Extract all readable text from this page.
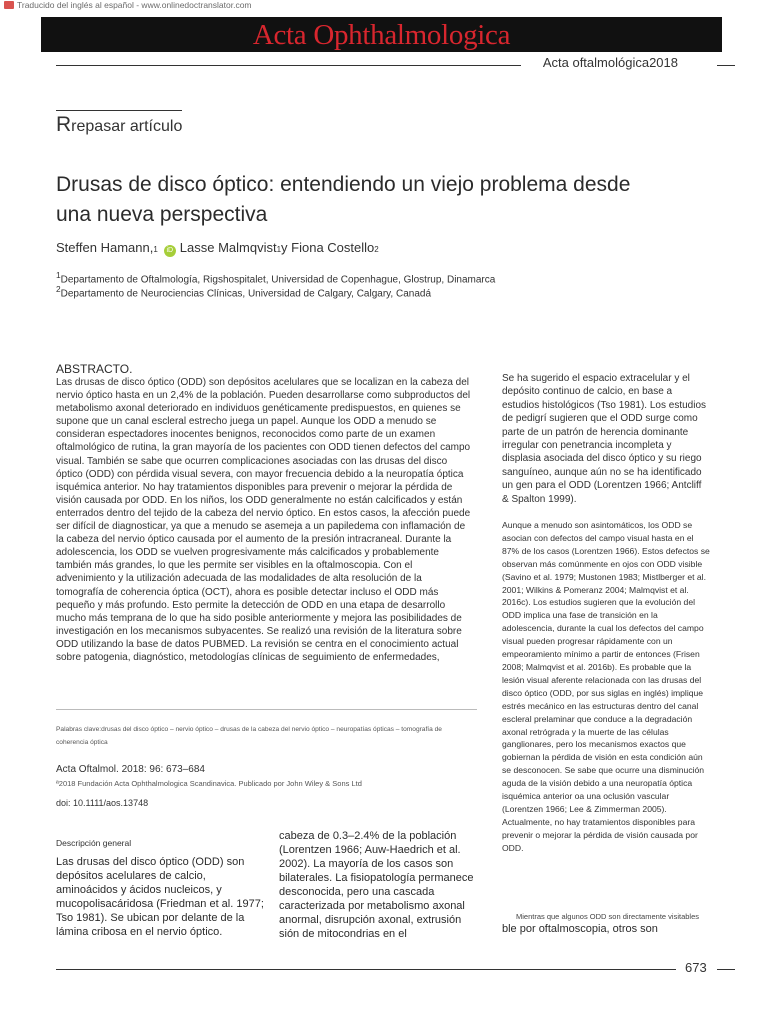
Traducido del inglés al español - www.onlinedoctranslator.com
Acta Ophthalmologica
Acta oftalmológica2018
Rrepasar artículo
Drusas de disco óptico: entendiendo un viejo problema desde una nueva perspectiva
Steffen Hamann, 1	iD Lasse Malmqvist 1 y Fiona Costello 2
$^1$Departamento de Oftalmología, Rigshospitalet, Universidad de Copenhague, Glostrup, Dinamarca
$^2$Departamento de Neurociencias Clínicas, Universidad de Calgary, Calgary, Canadá
ABSTRACTO.
Las drusas de disco óptico (ODD) son depósitos acelulares que se localizan en la cabeza del nervio óptico hasta en un 2,4% de la población. Pueden desarrollarse como subproductos del metabolismo axonal deteriorado en individuos genéticamente predispuestos, en quienes se supone que un canal escleral estrecho juega un papel. Aunque los ODD a menudo se consideran espectadores inocentes benignos, reconocidos como parte de un examen oftalmológico de rutina, la gran mayoría de los pacientes con ODD tienen defectos del campo visual. También se sabe que ocurren complicaciones asociadas con las drusas del disco óptico (ODD) con pérdida visual severa, con mayor frecuencia debido a la neuropatía óptica isquémica anterior. No hay tratamientos disponibles para prevenir o mejorar la pérdida de visión causada por ODD. En los niños, los ODD generalmente no están calcificados y están enterrados dentro del tejido de la cabeza del nervio óptico. En estos casos, la afección puede ser difícil de diagnosticar, ya que a menudo se asemeja a un papiledema con inflamación de la cabeza del nervio óptico causada por el aumento de la presión intracraneal. Durante la adolescencia, los ODD se vuelven progresivamente más calcificados y probablemente también más grandes, lo que les permite ser visibles en la oftalmoscopia. Con el advenimiento y la utilización adecuada de las modalidades de alta resolución de la tomografía de coherencia óptica (OCT), ahora es posible detectar incluso el ODD más pequeño y más profundo. Esto permite la detección de ODD en una etapa de desarrollo mucho más temprana de lo que ha sido posible anteriormente y mejora las posibilidades de investigación en los mecanismos subyacentes. Se realizó una revisión de la literatura sobre ODD utilizando la base de datos PUBMED. La revisión se centra en el conocimiento actual sobre patogenia, diagnóstico, metodologías clínicas de seguimiento de enfermedades,
Se ha sugerido el espacio extracelular y el depósito continuo de calcio, en base a estudios histológicos (Tso 1981). Los estudios de pedigrí sugieren que el ODD surge como parte de un patrón de herencia dominante irregular con penetrancia incompleta y displasia asociada del disco óptico y su riego sanguíneo, aunque aún no se ha identificado un gen para el ODD (Lorentzen 1966; Antcliff & Spalton 1999).
Aunque a menudo son asintomáticos, los ODD se asocian con defectos del campo visual hasta en el 87% de los casos (Lorentzen 1966). Estos defectos se observan más comúnmente en ojos con ODD visible (Savino et al. 1979; Mustonen 1983; Mistlberger et al. 2001; Wilkins & Pomeranz 2004; Malmqvist et al. 2016c). Los estudios sugieren que la evolución del ODD implica una fase de transición en la adolescencia, durante la cual los defectos del campo visual pueden progresar rápidamente con un empeoramiento mínimo a partir de entonces (Frisen 2008; Malmqvist et al. 2016b). Es probable que la lesión visual aferente relacionada con las drusas del disco óptico (ODD, por sus siglas en inglés) implique estrés mecánico en las estructuras dentro del canal escleral prelaminar que conduce a la degradación axonal retrógrada y la muerte de las células ganglionares, pero los mecanismos exactos que gobiernan la pérdida de visión en esta condición aún se desconocen. Se sabe que ocurre una disminución aguda de la visión debido a una neuropatía óptica isquémica anterior oa una oclusión vascular (Lorentzen 1966; Lee & Zimmerman 2005). Actualmente, no hay tratamientos disponibles para prevenir o mejorar la pérdida de visión causada por ODD.
Palabras clave:drusas del disco óptico – nervio óptico – drusas de la cabeza del nervio óptico – neuropatías ópticas – tomografía de coherencia óptica
Acta Oftalmol. 2018: 96: 673–684
ª2018 Fundación Acta Ophthalmologica Scandinavica. Publicado por John Wiley & Sons Ltd
doi: 10.1111/aos.13748
Descripción general
Las drusas del disco óptico (ODD) son depósitos acelulares de calcio, aminoácidos y ácidos nucleicos, y mucopolisacáridosa (Friedman et al. 1977; Tso 1981). Se ubican por delante de la lámina cribosa en el nervio óptico.
cabeza de 0.3–2.4% de la población (Lorentzen 1966; Auw-Haedrich et al. 2002). La mayoría de los casos son bilaterales. La fisiopatología permanece desconocida, pero una cascada caracterizada por metabolismo axonal anormal, disrupción axonal, extrusión sión de mitocondrias en el
Mientras que algunos ODD son directamente visitables
ble por oftalmoscopia, otros son
673
